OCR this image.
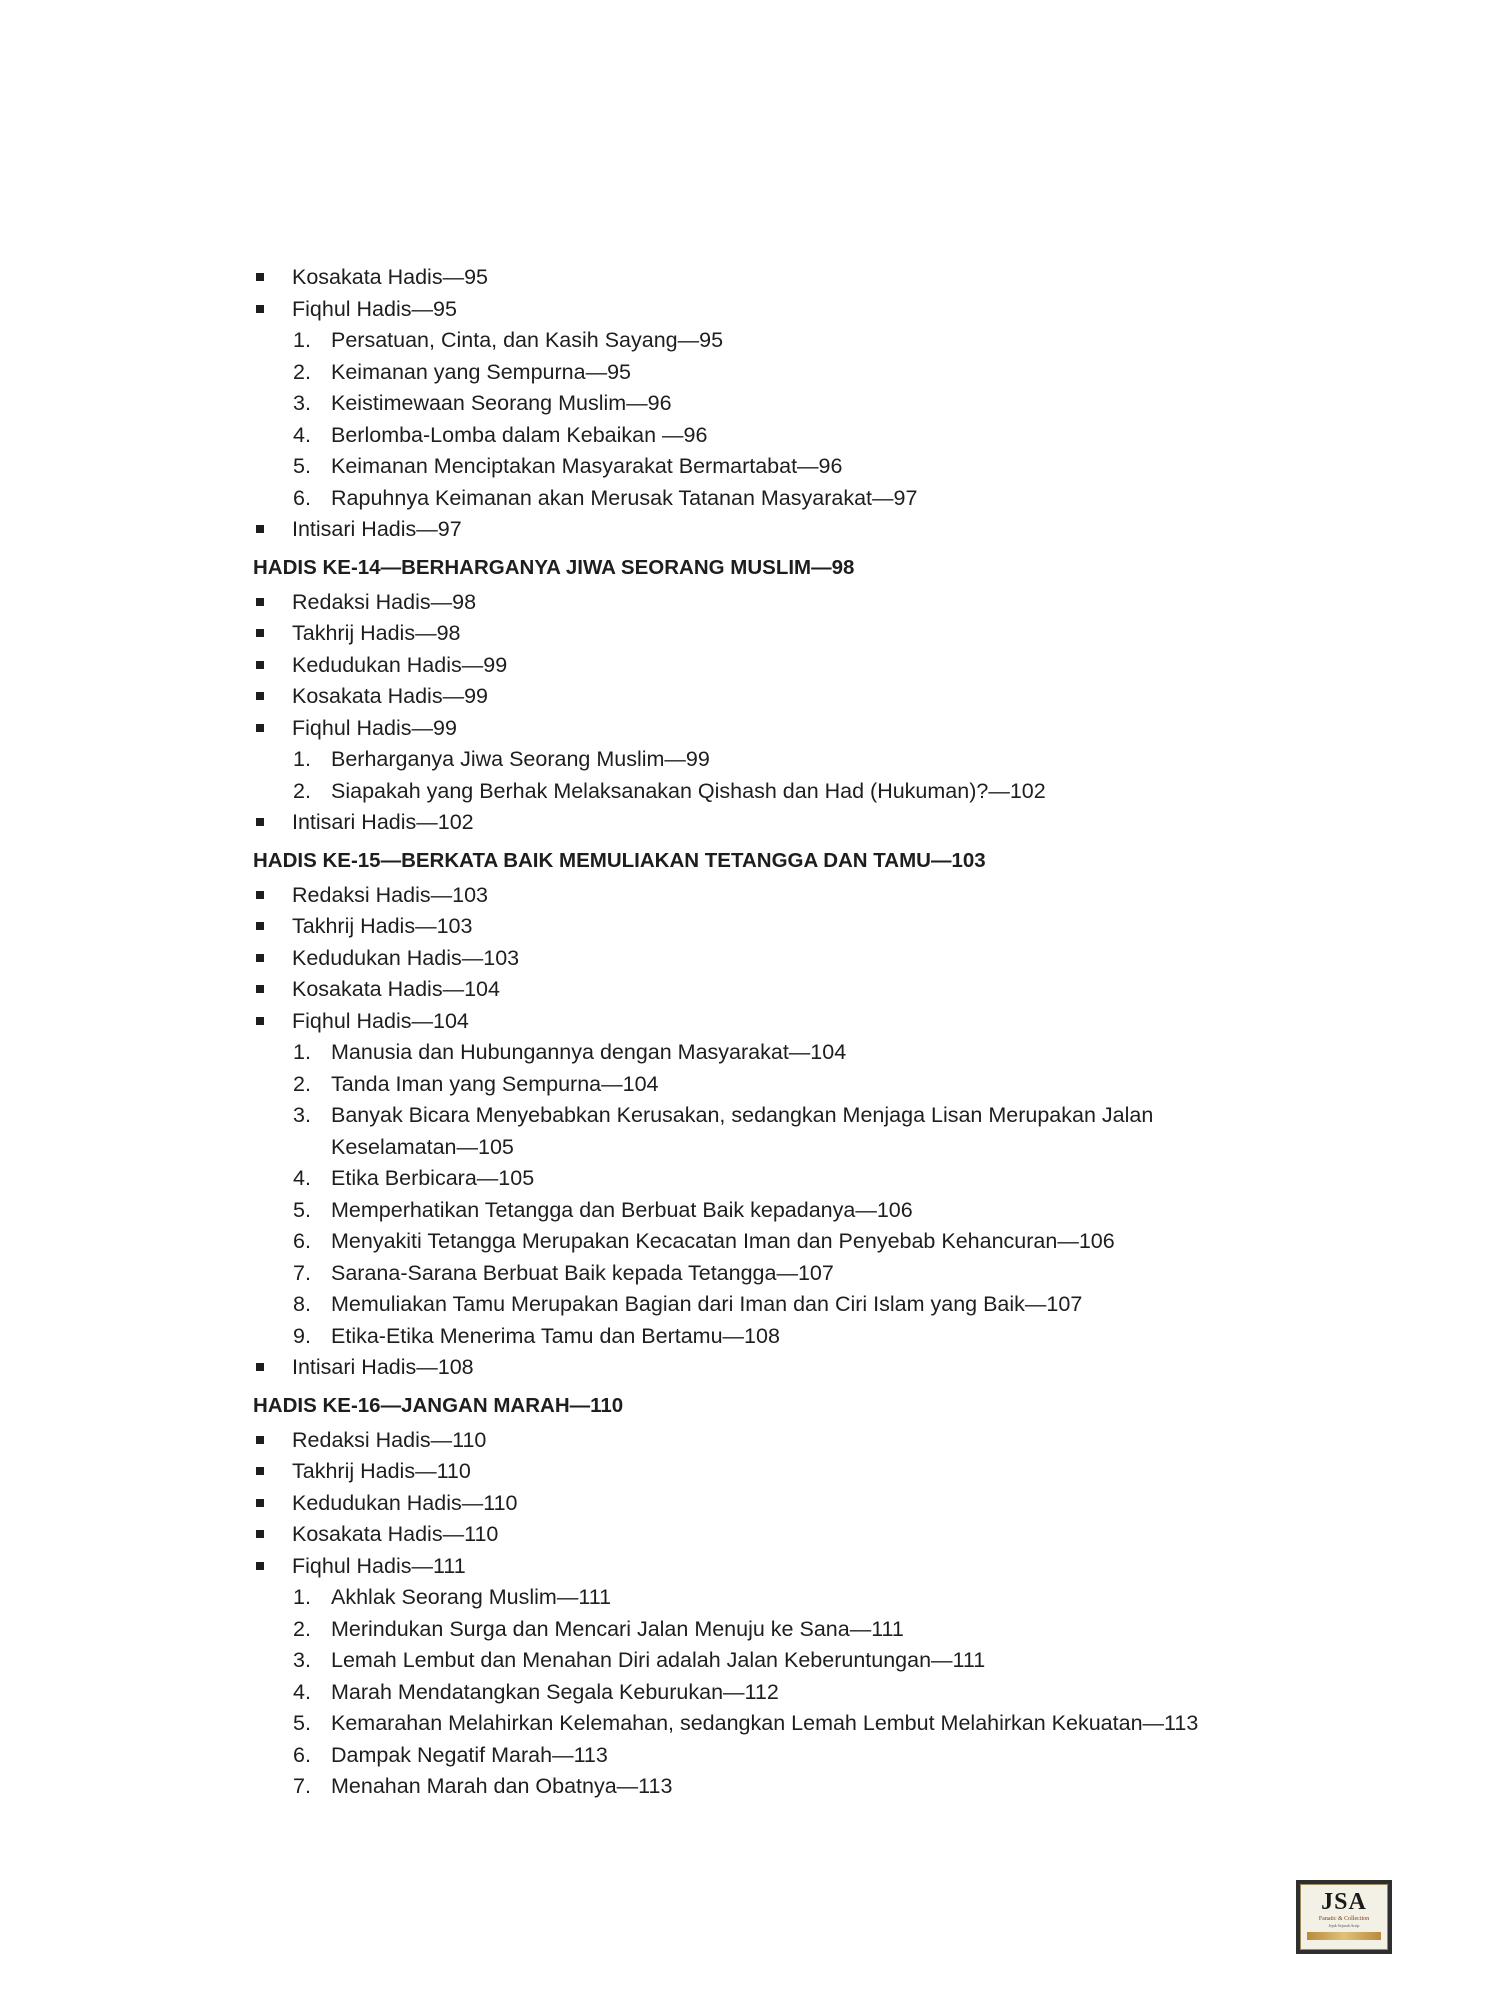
Kosakata Hadis—95
Fiqhul Hadis—95
1. Persatuan, Cinta, dan Kasih Sayang—95
2. Keimanan yang Sempurna—95
3. Keistimewaan Seorang Muslim—96
4. Berlomba-Lomba dalam Kebaikan —96
5. Keimanan Menciptakan Masyarakat Bermartabat—96
6. Rapuhnya Keimanan akan Merusak Tatanan Masyarakat—97
Intisari Hadis—97
HADIS KE-14—BERHARGANYA JIWA SEORANG MUSLIM—98
Redaksi Hadis—98
Takhrij Hadis—98
Kedudukan Hadis—99
Kosakata Hadis—99
Fiqhul Hadis—99
1. Berharganya Jiwa Seorang Muslim—99
2. Siapakah yang Berhak Melaksanakan Qishash dan Had (Hukuman)?—102
Intisari Hadis—102
HADIS KE-15—BERKATA BAIK MEMULIAKAN TETANGGA DAN TAMU—103
Redaksi Hadis—103
Takhrij Hadis—103
Kedudukan Hadis—103
Kosakata Hadis—104
Fiqhul Hadis—104
1. Manusia dan Hubungannya dengan Masyarakat—104
2. Tanda Iman yang Sempurna—104
3. Banyak Bicara Menyebabkan Kerusakan, sedangkan Menjaga Lisan Merupakan Jalan Keselamatan—105
4. Etika Berbicara—105
5. Memperhatikan Tetangga dan Berbuat Baik kepadanya—106
6. Menyakiti Tetangga Merupakan Kecacatan Iman dan Penyebab Kehancuran—106
7. Sarana-Sarana Berbuat Baik kepada Tetangga—107
8. Memuliakan Tamu Merupakan Bagian dari Iman dan Ciri Islam yang Baik—107
9. Etika-Etika Menerima Tamu dan Bertamu—108
Intisari Hadis—108
HADIS KE-16—JANGAN MARAH—110
Redaksi Hadis—110
Takhrij Hadis—110
Kedudukan Hadis—110
Kosakata Hadis—110
Fiqhul Hadis—111
1. Akhlak Seorang Muslim—111
2. Merindukan Surga dan Mencari Jalan Menuju ke Sana—111
3. Lemah Lembut dan Menahan Diri adalah Jalan Keberuntungan—111
4. Marah Mendatangkan Segala Keburukan—112
5. Kemarahan Melahirkan Kelemahan, sedangkan Lemah Lembut Melahirkan Kekuatan—113
6. Dampak Negatif Marah—113
7. Menahan Marah dan Obatnya—113
JSA
Fanatic & Collection
Jejak Sejarah Arsip
